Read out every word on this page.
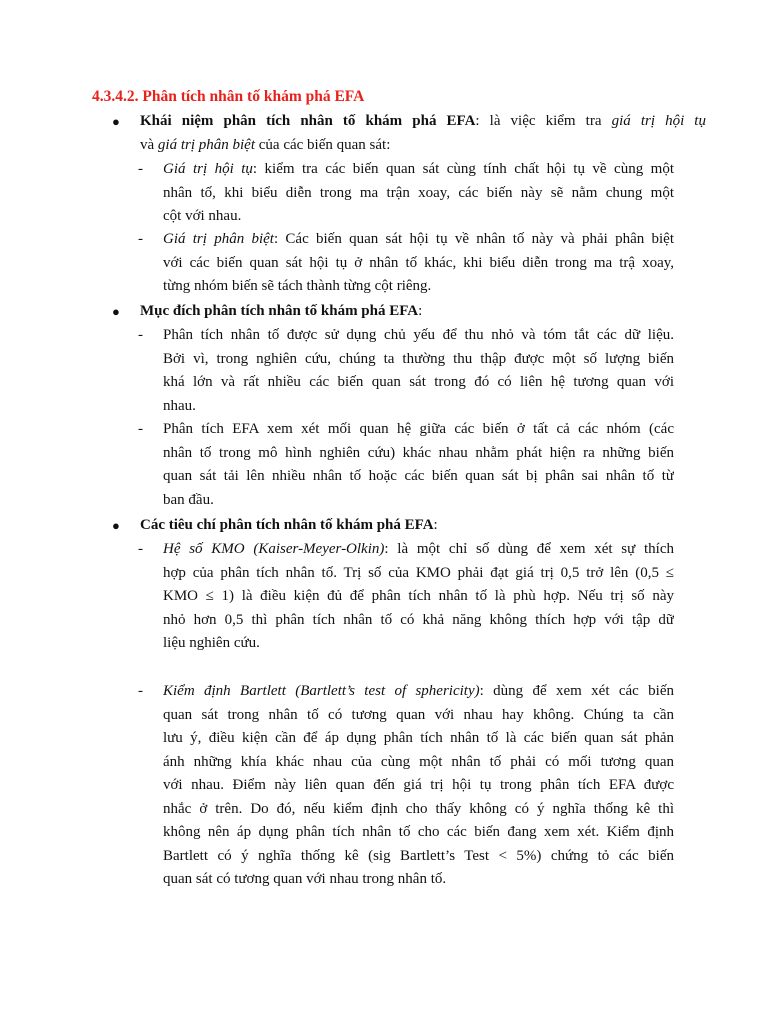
4.3.4.2. Phân tích nhân tố khám phá EFA
● Khái niệm phân tích nhân tố khám phá EFA: là việc kiểm tra giá trị hội tụ
và giá trị phân biệt của các biến quan sát:
- Giá trị hội tụ: kiểm tra các biến quan sát cùng tính chất hội tụ về cùng một
nhân tố, khi biểu diễn trong ma trận xoay, các biến này sẽ nằm chung một
cột với nhau.
- Giá trị phân biệt: Các biến quan sát hội tụ về nhân tố này và phải phân biệt
với các biến quan sát hội tụ ở nhân tố khác, khi biểu diễn trong ma trậ xoay,
từng nhóm biến sẽ tách thành từng cột riêng.
● Mục đích phân tích nhân tố khám phá EFA:
- Phân tích nhân tố được sử dụng chủ yếu để thu nhỏ và tóm tắt các dữ liệu.
Bởi vì, trong nghiên cứu, chúng ta thường thu thập được một số lượng biến
khá lớn và rất nhiều các biến quan sát trong đó có liên hệ tương quan với
nhau.
- Phân tích EFA xem xét mối quan hệ giữa các biến ở tất cả các nhóm (các
nhân tố trong mô hình nghiên cứu) khác nhau nhằm phát hiện ra những biến
quan sát tải lên nhiều nhân tố hoặc các biến quan sát bị phân sai nhân tố từ
ban đầu.
● Các tiêu chí phân tích nhân tố khám phá EFA:
- Hệ số KMO (Kaiser-Meyer-Olkin): là một chỉ số dùng để xem xét sự thích
hợp của phân tích nhân tố. Trị số của KMO phải đạt giá trị 0,5 trở lên (0,5 ≤
KMO ≤ 1) là điều kiện đủ để phân tích nhân tố là phù hợp. Nếu trị số này
nhỏ hơn 0,5 thì phân tích nhân tố có khả năng không thích hợp với tập dữ
liệu nghiên cứu.
- Kiểm định Bartlett (Bartlett’s test of sphericity): dùng để xem xét các biến
quan sát trong nhân tố có tương quan với nhau hay không. Chúng ta cần
lưu ý, điều kiện cần để áp dụng phân tích nhân tố là các biến quan sát phản
ánh những khía khác nhau của cùng một nhân tố phải có mối tương quan
với nhau. Điểm này liên quan đến giá trị hội tụ trong phân tích EFA được
nhắc ở trên. Do đó, nếu kiểm định cho thấy không có ý nghĩa thống kê thì
không nên áp dụng phân tích nhân tố cho các biến đang xem xét. Kiểm định
Bartlett có ý nghĩa thống kê (sig Bartlett’s Test < 5%) chứng tỏ các biến
quan sát có tương quan với nhau trong nhân tố.
